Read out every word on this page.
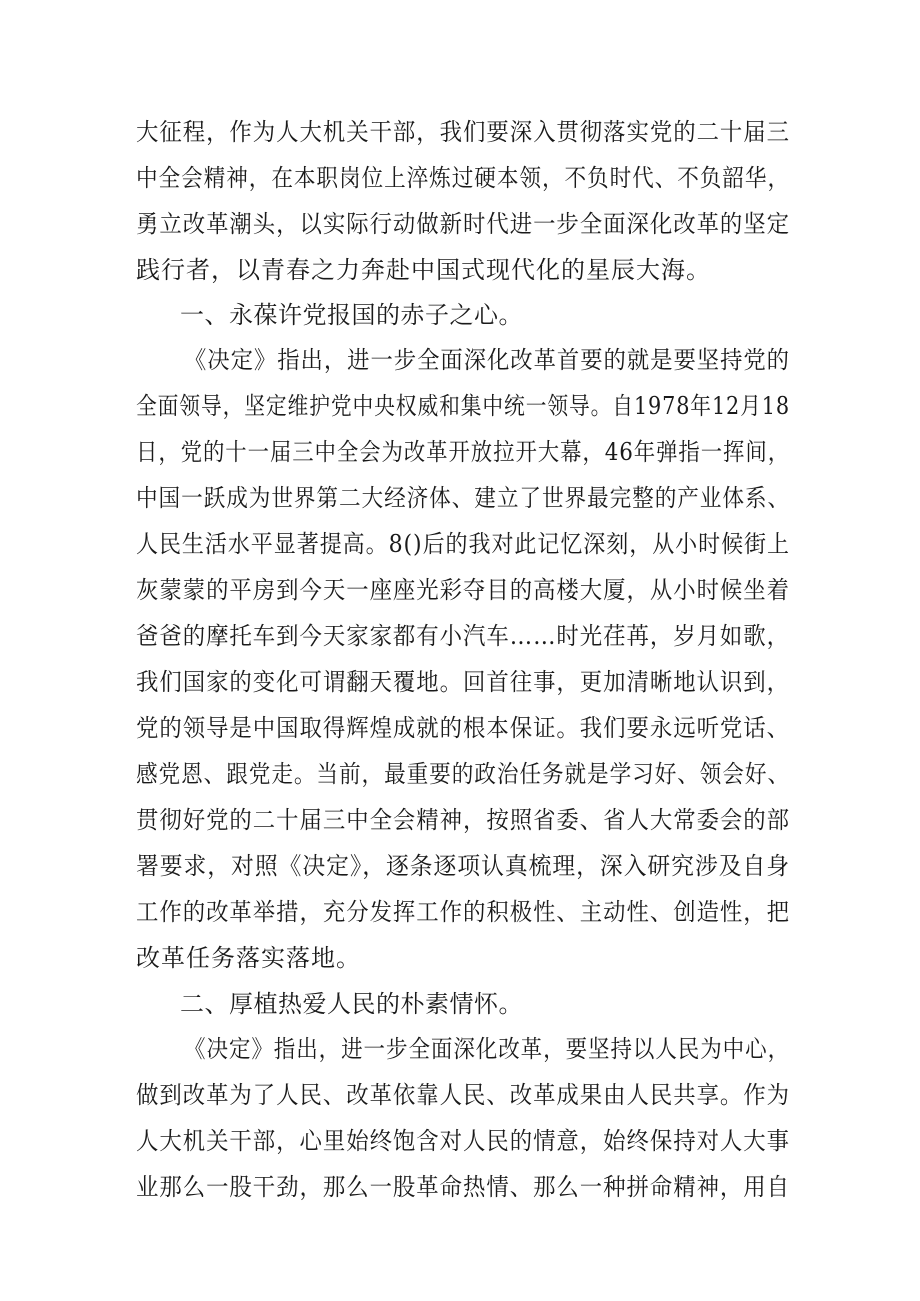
大征程，作为人大机关干部，我们要深入贯彻落实党的二十届三
中全会精神，在本职岗位上淬炼过硬本领，不负时代、不负韶华，
勇立改革潮头，以实际行动做新时代进一步全面深化改革的坚定
践行者，以青春之力奔赴中国式现代化的星辰大海。
一、永葆许党报国的赤子之心。
《决定》指出，进一步全面深化改革首要的就是要坚持党的
全面领导，坚定维护党中央权威和集中统一领导。自1978年12月18
日，党的十一届三中全会为改革开放拉开大幕，46年弹指一挥间，
中国一跃成为世界第二大经济体、建立了世界最完整的产业体系、
人民生活水平显著提高。8()后的我对此记忆深刻，从小时候街上
灰蒙蒙的平房到今天一座座光彩夺目的高楼大厦，从小时候坐着
爸爸的摩托车到今天家家都有小汽车……时光荏苒，岁月如歌，
我们国家的变化可谓翻天覆地。回首往事，更加清晰地认识到，
党的领导是中国取得辉煌成就的根本保证。我们要永远听党话、
感党恩、跟党走。当前，最重要的政治任务就是学习好、领会好、
贯彻好党的二十届三中全会精神，按照省委、省人大常委会的部
署要求，对照《决定》，逐条逐项认真梳理，深入研究涉及自身
工作的改革举措，充分发挥工作的积极性、主动性、创造性，把
改革任务落实落地。
二、厚植热爱人民的朴素情怀。
《决定》指出，进一步全面深化改革，要坚持以人民为中心，
做到改革为了人民、改革依靠人民、改革成果由人民共享。作为
人大机关干部，心里始终饱含对人民的情意，始终保持对人大事
业那么一股干劲，那么一股革命热情、那么一种拼命精神，用自
